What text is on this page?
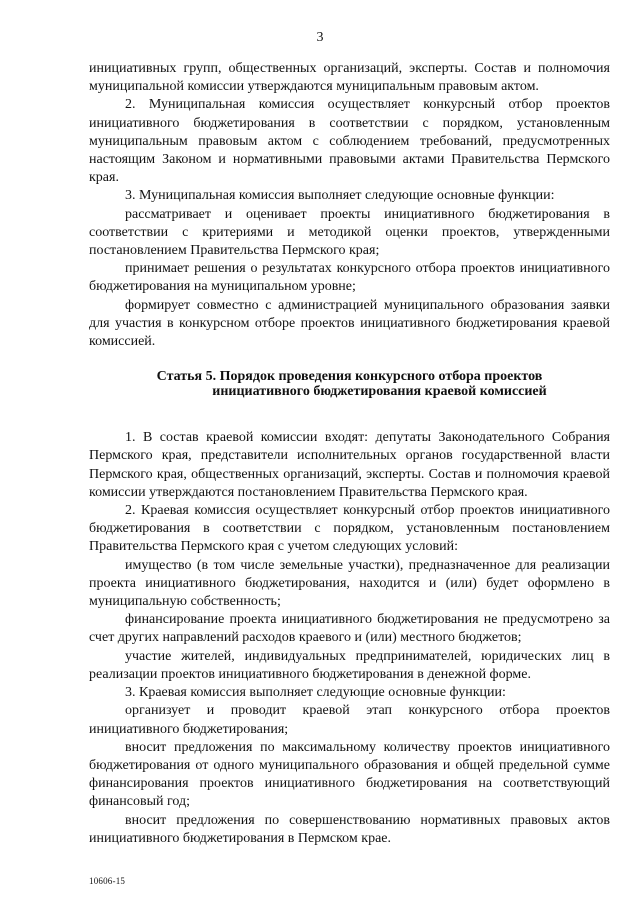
3

инициативных групп, общественных организаций, эксперты. Состав и полномочия муниципальной комиссии утверждаются муниципальным правовым актом.

2. Муниципальная комиссия осуществляет конкурсный отбор проектов инициативного бюджетирования в соответствии с порядком, установленным муниципальным правовым актом с соблюдением требований, предусмотренных настоящим Законом и нормативными правовыми актами Правительства Пермского края.

3. Муниципальная комиссия выполняет следующие основные функции:

рассматривает и оценивает проекты инициативного бюджетирования в соответствии с критериями и методикой оценки проектов, утвержденными постановлением Правительства Пермского края;

принимает решения о результатах конкурсного отбора проектов инициативного бюджетирования на муниципальном уровне;

формирует совместно с администрацией муниципального образования заявки для участия в конкурсном отборе проектов инициативного бюджетирования краевой комиссией.

Статья 5. Порядок проведения конкурсного отбора проектов
инициативного бюджетирования краевой комиссией

1. В состав краевой комиссии входят: депутаты Законодательного Собрания Пермского края, представители исполнительных органов государственной власти Пермского края, общественных организаций, эксперты. Состав и полномочия краевой комиссии утверждаются постановлением Правительства Пермского края.

2. Краевая комиссия осуществляет конкурсный отбор проектов инициативного бюджетирования в соответствии с порядком, установленным постановлением Правительства Пермского края с учетом следующих условий:

имущество (в том числе земельные участки), предназначенное для реализации проекта инициативного бюджетирования, находится и (или) будет оформлено в муниципальную собственность;

финансирование проекта инициативного бюджетирования не предусмотрено за счет других направлений расходов краевого и (или) местного бюджетов;

участие жителей, индивидуальных предпринимателей, юридических лиц в реализации проектов инициативного бюджетирования в денежной форме.

3. Краевая комиссия выполняет следующие основные функции:

организует и проводит краевой этап конкурсного отбора проектов инициативного бюджетирования;

вносит предложения по максимальному количеству проектов инициативного бюджетирования от одного муниципального образования и общей предельной сумме финансирования проектов инициативного бюджетирования на соответствующий финансовый год;

вносит предложения по совершенствованию нормативных правовых актов инициативного бюджетирования в Пермском крае.

10606-15
